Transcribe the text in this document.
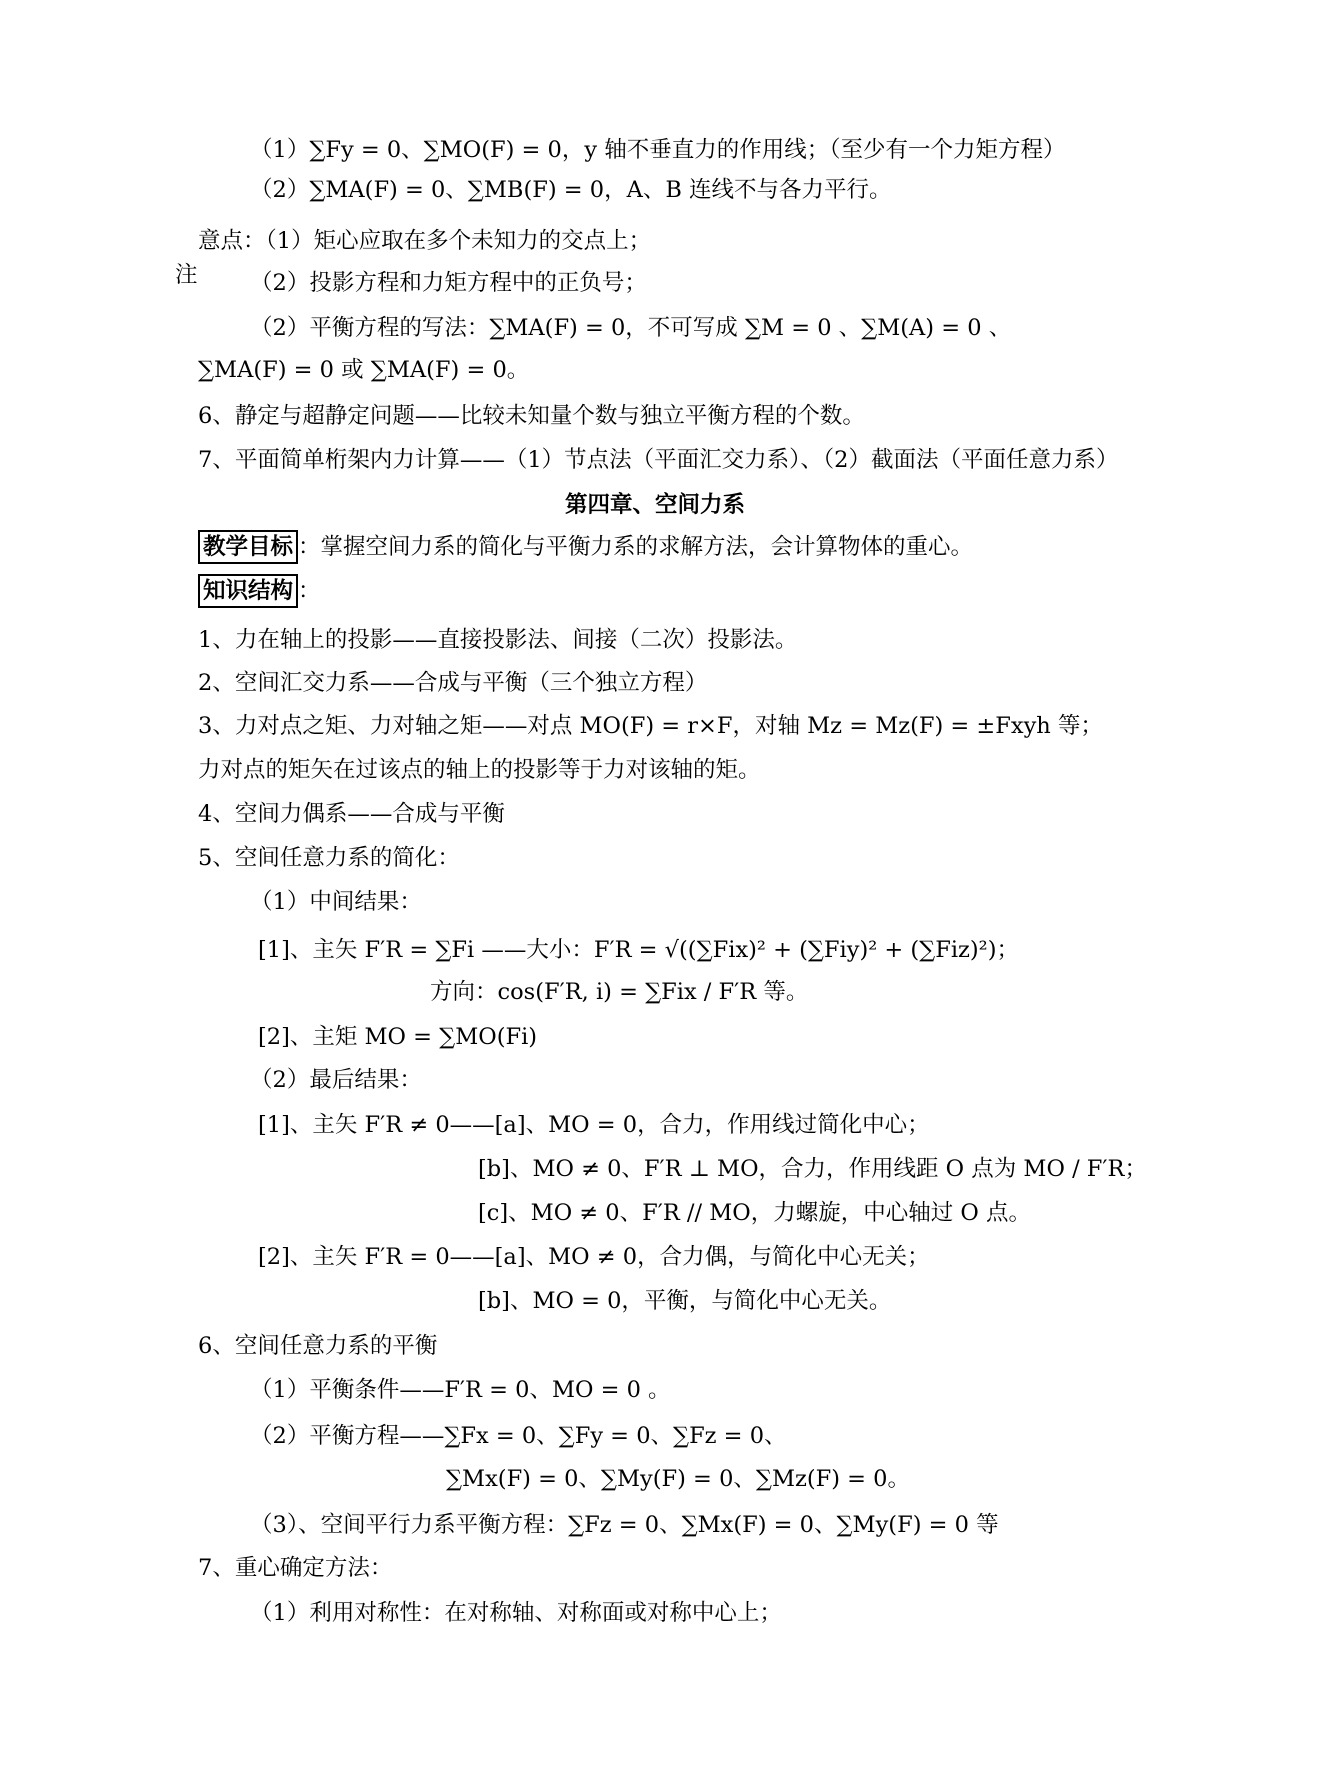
（1）∑Fy = 0、∑MO(F) = 0，y 轴不垂直力的作用线；（至少有一个力矩方程）
（2）∑MA(F) = 0、∑MB(F) = 0，A、B 连线不与各力平行。
意点：（1）矩心应取在多个未知力的交点上；
注 （2）投影方程和力矩方程中的正负号；
（2）平衡方程的写法：∑MA(F) = 0，不可写成 ∑M = 0 、∑M(A) = 0 、
∑MA(F) = 0 或 ∑MA(F) = 0。
6、静定与超静定问题——比较未知量个数与独立平衡方程的个数。
7、平面简单桁架内力计算——（1）节点法（平面汇交力系）、（2）截面法（平面任意力系）
第四章、空间力系
教学目标 ：掌握空间力系的简化与平衡力系的求解方法，会计算物体的重心。
知识结构 ：
1、力在轴上的投影——直接投影法、间接（二次）投影法。
2、空间汇交力系——合成与平衡（三个独立方程）
3、力对点之矩、力对轴之矩——对点 MO(F) = r×F，对轴 Mz = Mz(F) = ±Fxyh 等；
力对点的矩矢在过该点的轴上的投影等于力对该轴的矩。
4、空间力偶系——合成与平衡
5、空间任意力系的简化：
（1）中间结果：
[1]、主矢 F′R = ∑Fi ——大小：F′R = √((∑Fix)² + (∑Fiy)² + (∑Fiz)²)；
方向：cos(F′R, i) = ∑Fix / F′R 等。
[2]、主矩 MO = ∑MO(Fi)
（2）最后结果：
[1]、主矢 F′R ≠ 0——[a]、MO = 0，合力，作用线过简化中心；
[b]、MO ≠ 0、F′R ⊥ MO，合力，作用线距 O 点为 MO / F′R；
[c]、MO ≠ 0、F′R // MO，力螺旋，中心轴过 O 点。
[2]、主矢 F′R = 0——[a]、MO ≠ 0，合力偶，与简化中心无关；
[b]、MO = 0，平衡，与简化中心无关。
6、空间任意力系的平衡
（1）平衡条件——F′R = 0、MO = 0 。
（2）平衡方程——∑Fx = 0、∑Fy = 0、∑Fz = 0、
∑Mx(F) = 0、∑My(F) = 0、∑Mz(F) = 0。
（3）、空间平行力系平衡方程：∑Fz = 0、∑Mx(F) = 0、∑My(F) = 0 等
7、重心确定方法：
（1）利用对称性：在对称轴、对称面或对称中心上；
